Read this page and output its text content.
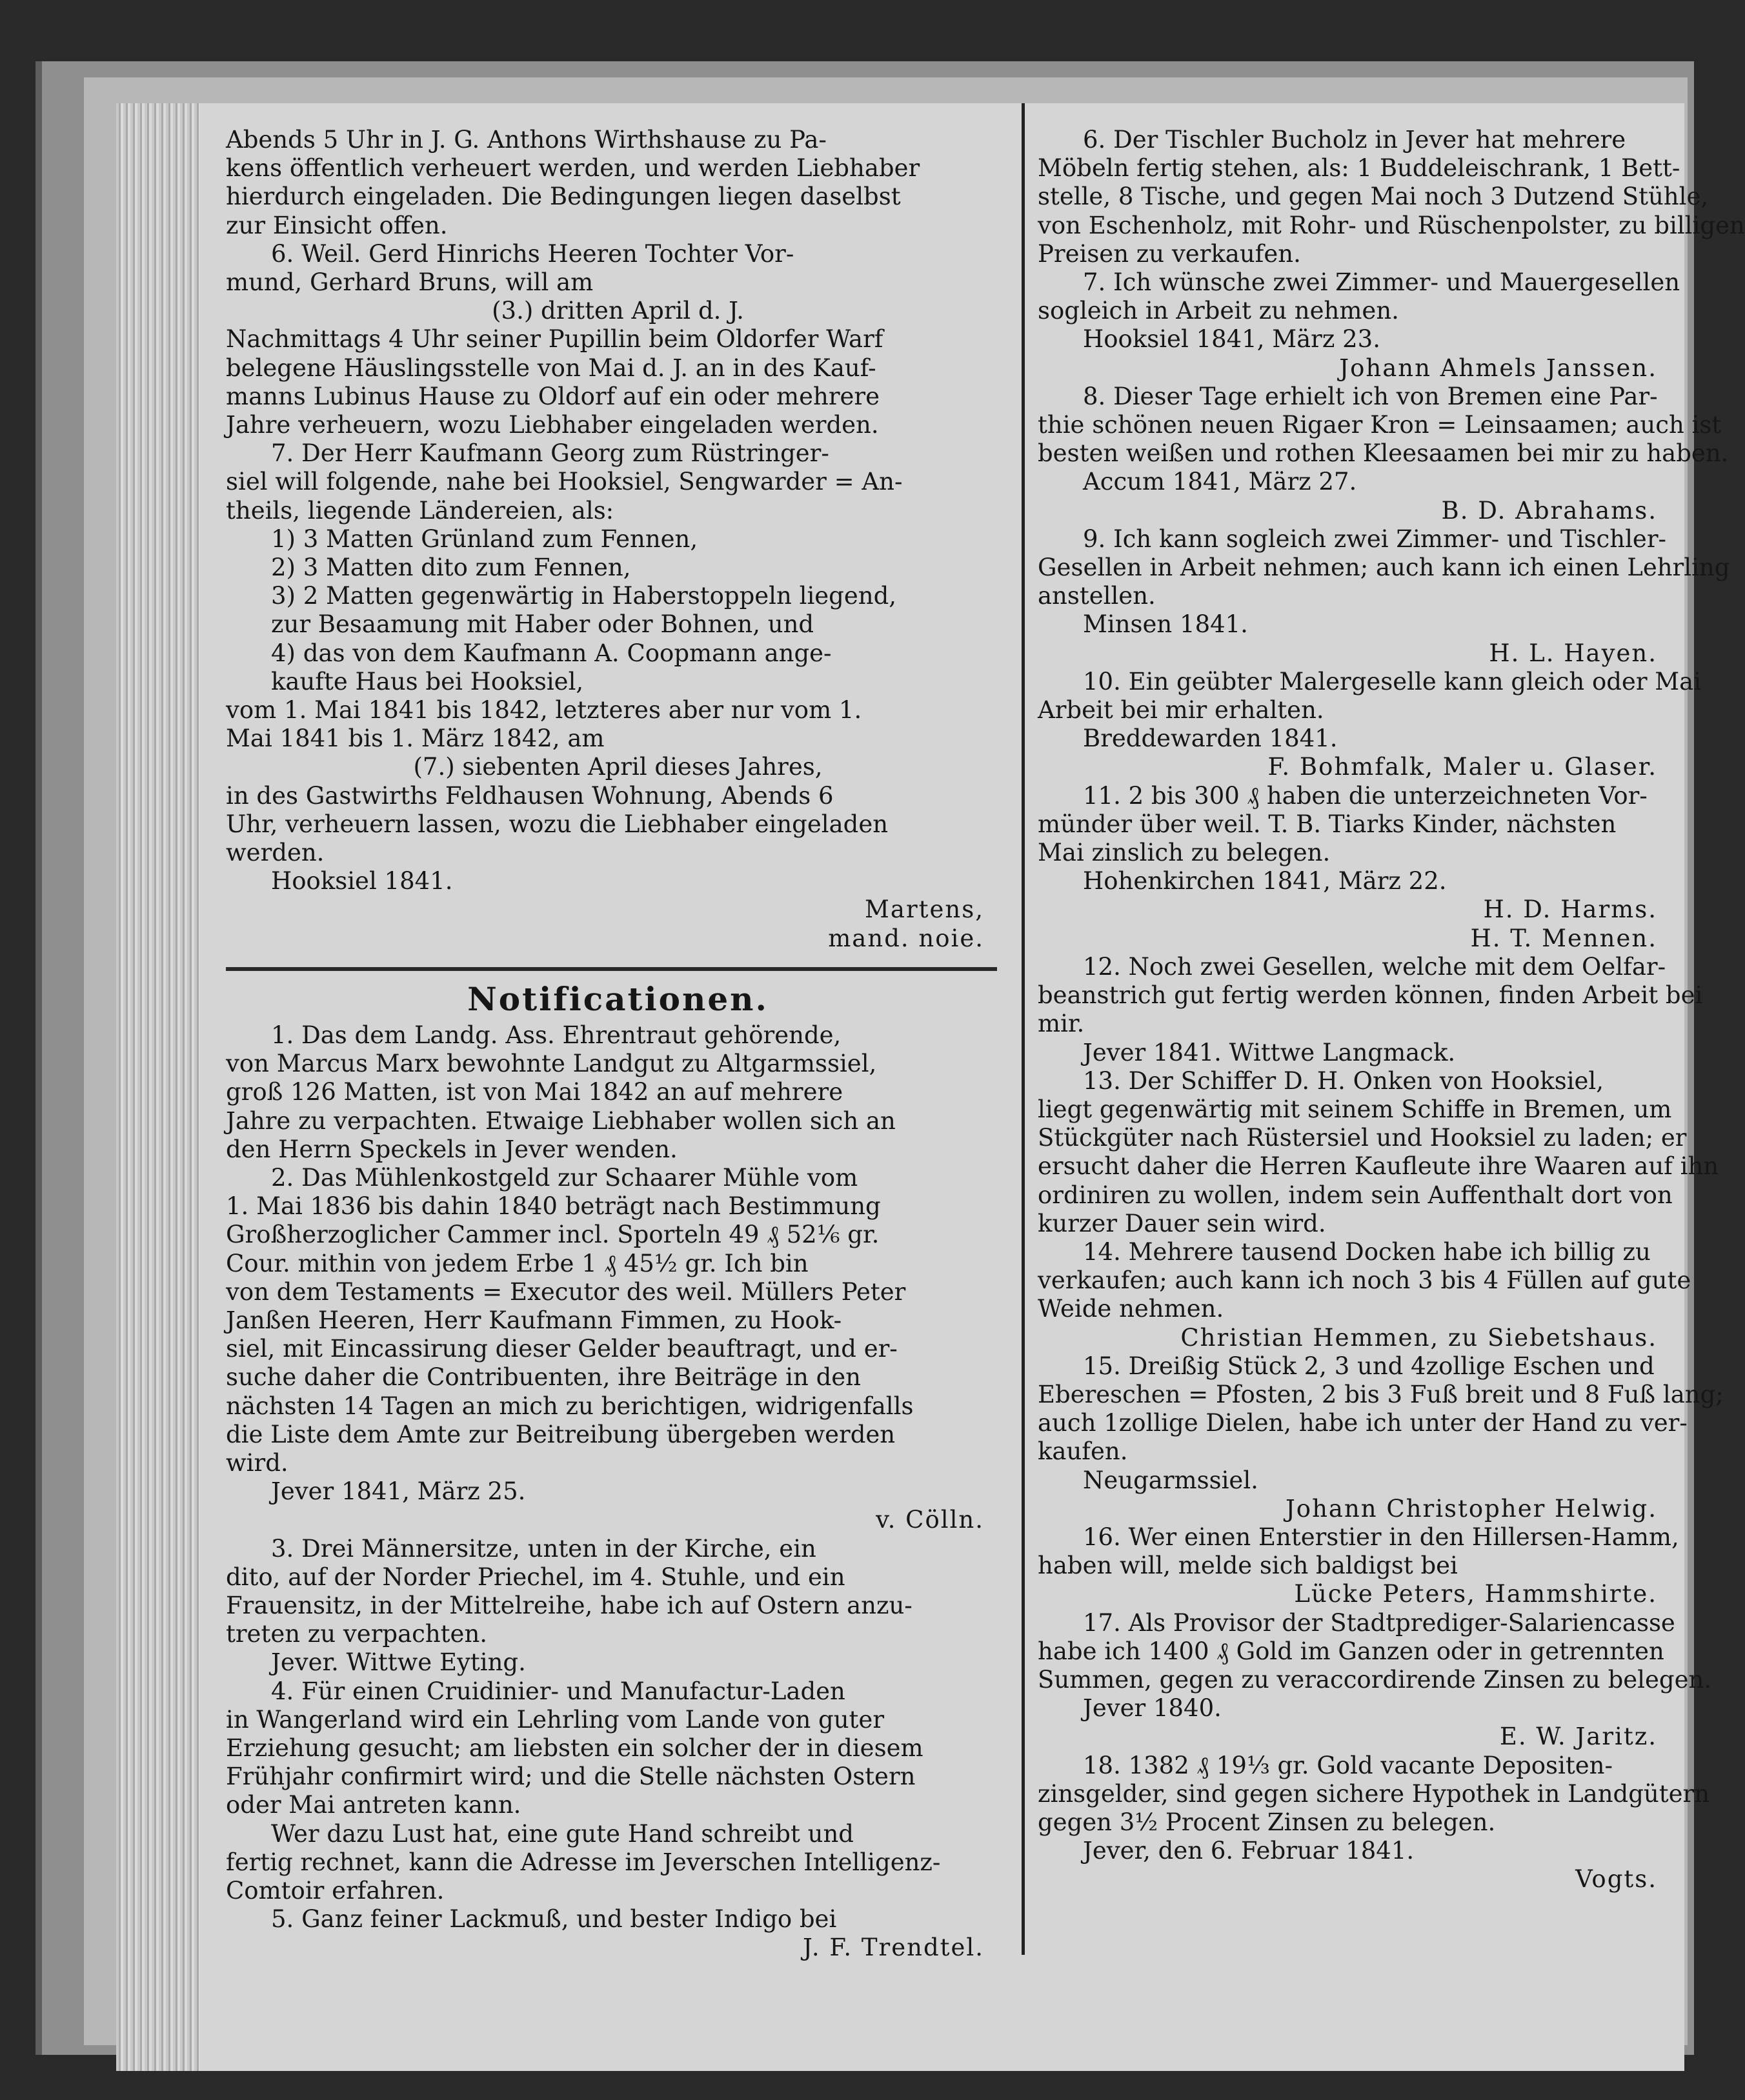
Abends 5 Uhr in J. G. Anthons Wirthshause zu Pa-

kens öffentlich verheuert werden, und werden Liebhaber

hierdurch eingeladen. Die Bedingungen liegen daselbst

zur Einsicht offen.

6. Weil. Gerd Hinrichs Heeren Tochter Vor-

mund, Gerhard Bruns, will am

(3.) dritten April d. J.

Nachmittags 4 Uhr seiner Pupillin beim Oldorfer Warf

belegene Häuslingsstelle von Mai d. J. an in des Kauf-

manns Lubinus Hause zu Oldorf auf ein oder mehrere

Jahre verheuern, wozu Liebhaber eingeladen werden.

7. Der Herr Kaufmann Georg zum Rüstringer-

siel will folgende, nahe bei Hooksiel, Sengwarder = An-

theils, liegende Ländereien, als:

1) 3 Matten Grünland zum Fennen,

2) 3 Matten dito zum Fennen,

3) 2 Matten gegenwärtig in Haberstoppeln liegend,

zur Besaamung mit Haber oder Bohnen, und

4) das von dem Kaufmann A. Coopmann ange-

kaufte Haus bei Hooksiel,

vom 1. Mai 1841 bis 1842, letzteres aber nur vom 1.

Mai 1841 bis 1. März 1842, am

(7.) siebenten April dieses Jahres,

in des Gastwirths Feldhausen Wohnung, Abends 6

Uhr, verheuern lassen, wozu die Liebhaber eingeladen

werden.

Hooksiel 1841.

Martens,

mand. noie.

Notificationen.

1. Das dem Landg. Ass. Ehrentraut gehörende,

von Marcus Marx bewohnte Landgut zu Altgarmssiel,

groß 126 Matten, ist von Mai 1842 an auf mehrere

Jahre zu verpachten. Etwaige Liebhaber wollen sich an

den Herrn Speckels in Jever wenden.

2. Das Mühlenkostgeld zur Schaarer Mühle vom

1. Mai 1836 bis dahin 1840 beträgt nach Bestimmung

Großherzoglicher Cammer incl. Sporteln 49 ₰ 52⅙ gr.

Cour. mithin von jedem Erbe 1 ₰ 45½ gr. Ich bin

von dem Testaments = Executor des weil. Müllers Peter

Janßen Heeren, Herr Kaufmann Fimmen, zu Hook-

siel, mit Eincassirung dieser Gelder beauftragt, und er-

suche daher die Contribuenten, ihre Beiträge in den

nächsten 14 Tagen an mich zu berichtigen, widrigenfalls

die Liste dem Amte zur Beitreibung übergeben werden

wird.

Jever 1841, März 25.

v. Cölln.

3. Drei Männersitze, unten in der Kirche, ein

dito, auf der Norder Priechel, im 4. Stuhle, und ein

Frauensitz, in der Mittelreihe, habe ich auf Ostern anzu-

treten zu verpachten.

Jever. Wittwe Eyting.

4. Für einen Cruidinier- und Manufactur-Laden

in Wangerland wird ein Lehrling vom Lande von guter

Erziehung gesucht; am liebsten ein solcher der in diesem

Frühjahr confirmirt wird; und die Stelle nächsten Ostern

oder Mai antreten kann.

Wer dazu Lust hat, eine gute Hand schreibt und

fertig rechnet, kann die Adresse im Jeverschen Intelligenz-

Comtoir erfahren.

5. Ganz feiner Lackmuß, und bester Indigo bei

J. F. Trendtel.

6. Der Tischler Bucholz in Jever hat mehrere

Möbeln fertig stehen, als: 1 Buddeleischrank, 1 Bett-

stelle, 8 Tische, und gegen Mai noch 3 Dutzend Stühle,

von Eschenholz, mit Rohr- und Rüschenpolster, zu billigen

Preisen zu verkaufen.

7. Ich wünsche zwei Zimmer- und Mauergesellen

sogleich in Arbeit zu nehmen.

Hooksiel 1841, März 23.

Johann Ahmels Janssen.

8. Dieser Tage erhielt ich von Bremen eine Par-

thie schönen neuen Rigaer Kron = Leinsaamen; auch ist

besten weißen und rothen Kleesaamen bei mir zu haben.

Accum 1841, März 27.

B. D. Abrahams.

9. Ich kann sogleich zwei Zimmer- und Tischler-

Gesellen in Arbeit nehmen; auch kann ich einen Lehrling

anstellen.

Minsen 1841.

H. L. Hayen.

10. Ein geübter Malergeselle kann gleich oder Mai

Arbeit bei mir erhalten.

Breddewarden 1841.

F. Bohmfalk, Maler u. Glaser.

11. 2 bis 300 ₰ haben die unterzeichneten Vor-

münder über weil. T. B. Tiarks Kinder, nächsten

Mai zinslich zu belegen.

Hohenkirchen 1841, März 22.

H. D. Harms.

H. T. Mennen.

12. Noch zwei Gesellen, welche mit dem Oelfar-

beanstrich gut fertig werden können, finden Arbeit bei

mir.

Jever 1841. Wittwe Langmack.

13. Der Schiffer D. H. Onken von Hooksiel,

liegt gegenwärtig mit seinem Schiffe in Bremen, um

Stückgüter nach Rüstersiel und Hooksiel zu laden; er

ersucht daher die Herren Kaufleute ihre Waaren auf ihn

ordiniren zu wollen, indem sein Auffenthalt dort von

kurzer Dauer sein wird.

14. Mehrere tausend Docken habe ich billig zu

verkaufen; auch kann ich noch 3 bis 4 Füllen auf gute

Weide nehmen.

Christian Hemmen, zu Siebetshaus.

15. Dreißig Stück 2, 3 und 4zollige Eschen und

Ebereschen = Pfosten, 2 bis 3 Fuß breit und 8 Fuß lang;

auch 1zollige Dielen, habe ich unter der Hand zu ver-

kaufen.

Neugarmssiel.

Johann Christopher Helwig.

16. Wer einen Enterstier in den Hillersen-Hamm,

haben will, melde sich baldigst bei

Lücke Peters, Hammshirte.

17. Als Provisor der Stadtprediger-Salariencasse

habe ich 1400 ₰ Gold im Ganzen oder in getrennten

Summen, gegen zu veraccordirende Zinsen zu belegen.

Jever 1840.

E. W. Jaritz.

18. 1382 ₰ 19⅓ gr. Gold vacante Depositen-

zinsgelder, sind gegen sichere Hypothek in Landgütern

gegen 3½ Procent Zinsen zu belegen.

Jever, den 6. Februar 1841.

Vogts.
